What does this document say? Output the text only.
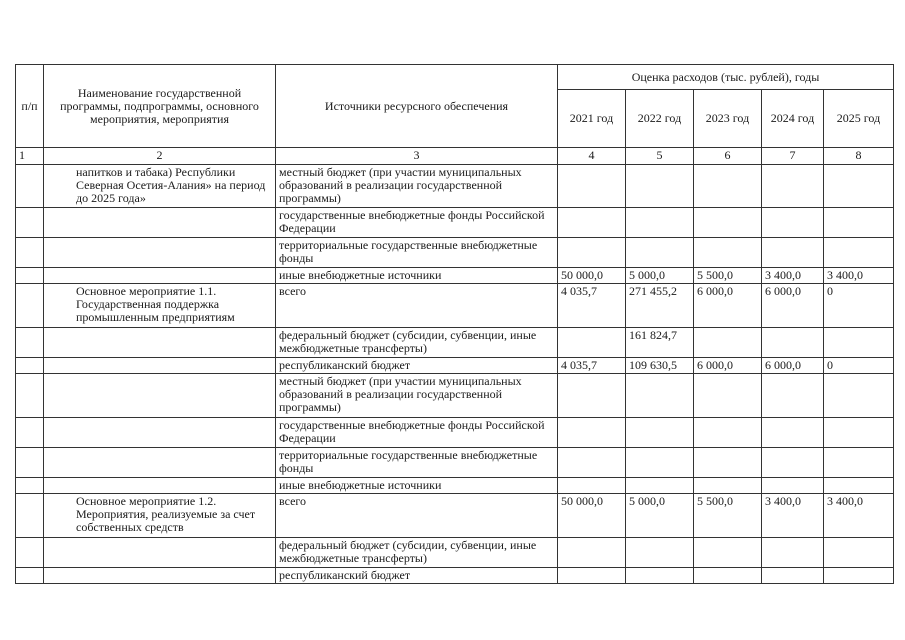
п/п	Наименование государственной программы, подпрограммы, основного мероприятия, мероприятия	Источники ресурсного обеспечения	Оценка расходов (тыс. рублей), годы				
			2021 год	2022 год	2023 год	2024 год	2025 год
1	2	3	4	5	6	7	8
	напитков и табака) Республики Северная Осетия-Алания» на период до 2025 года»	местный бюджет (при участии муниципальных образований в реализации государственной программы)					
		государственные внебюджетные фонды Российской Федерации					
		территориальные государственные внебюджетные фонды					
		иные внебюджетные источники	50 000,0	5 000,0	5 500,0	3 400,0	3 400,0
	Основное мероприятие 1.1. Государственная поддержка промышленным предприятиям	всего	4 035,7	271 455,2	6 000,0	6 000,0	0
		федеральный бюджет (субсидии, субвенции, иные межбюджетные трансферты)		161 824,7			
		республиканский бюджет	4 035,7	109 630,5	6 000,0	6 000,0	0
		местный бюджет (при участии муниципальных образований в реализации государственной программы)					
		государственные внебюджетные фонды Российской Федерации					
		территориальные государственные внебюджетные фонды					
		иные внебюджетные источники					
	Основное мероприятие 1.2. Мероприятия, реализуемые за счет собственных средств	всего	50 000,0	5 000,0	5 500,0	3 400,0	3 400,0
		федеральный бюджет (субсидии, субвенции, иные межбюджетные трансферты)					
		республиканский бюджет					
